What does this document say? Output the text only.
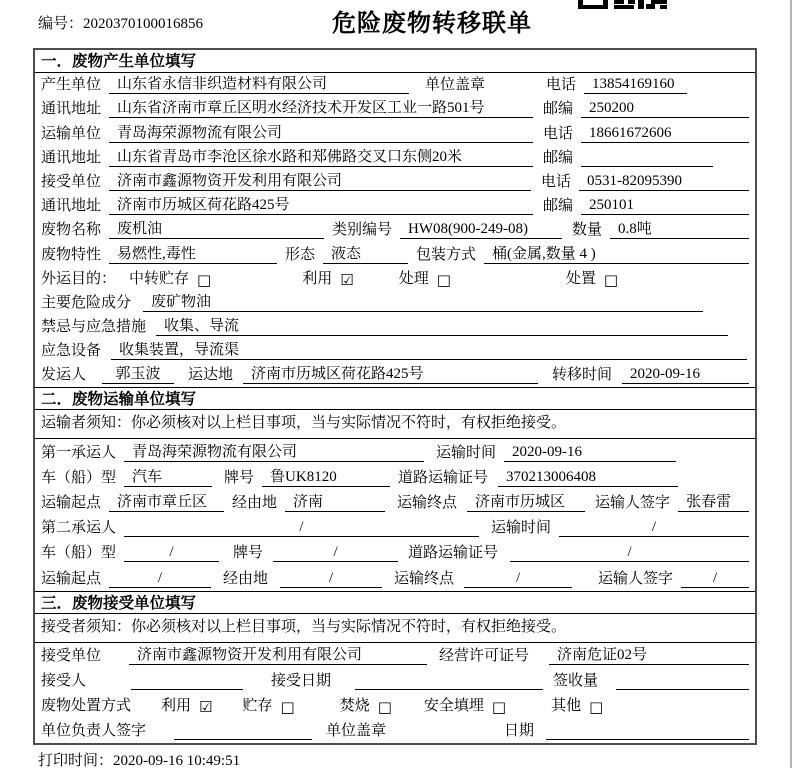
编号：2020370100016856	危险废物转移联单
一．废物产生单位填写
产生单位	山东省永信非织造材料有限公司	单位盖章	电话	13854169160
通讯地址	山东省济南市章丘区明水经济技术开发区工业一路501号	邮编	250200
运输单位	青岛海荣源物流有限公司	电话	18661672606
通讯地址	山东省青岛市李沧区徐水路和郑佛路交叉口东侧20米	邮编
接受单位	济南市鑫源物资开发利用有限公司	电话	0531-82095390
通讯地址	济南市历城区荷花路425号	邮编	250101
废物名称	废机油	类别编号	HW08(900-249-08)	数量	0.8吨
废物特性	易燃性,毒性	形态	液态	包装方式	桶(金属,数量 4 )
外运目的： 中转贮存 □	利用 ☑	处理 □	处置 □
主要危险成分	废矿物油
禁忌与应急措施	收集、导流
应急设备	收集装置，导流渠
发运人	郭玉波	运达地	济南市历城区荷花路425号	转移时间	2020-09-16
二．废物运输单位填写
运输者须知：你必须核对以上栏目事项，当与实际情况不符时，有权拒绝接受。
第一承运人	青岛海荣源物流有限公司	运输时间	2020-09-16
车（船）型	汽车	牌号	鲁UK8120	道路运输证号	370213006408
运输起点	济南市章丘区	经由地	济南	运输终点	济南市历城区	运输人签字	张春雷
第二承运人	/	运输时间	/
车（船）型	/	牌号	/	道路运输证号	/
运输起点	/	经由地	/	运输终点	/	运输人签字	/
三．废物接受单位填写
接受者须知：你必须核对以上栏目事项，当与实际情况不符时，有权拒绝接受。
接受单位	济南市鑫源物资开发利用有限公司	经营许可证号	济南危证02号
接受人	接受日期	签收量
废物处置方式 利用 ☑ 贮存 □	焚烧 □ 安全填埋 □	其他 □
单位负责人签字	单位盖章	日期
打印时间：2020-09-16 10:49:51
